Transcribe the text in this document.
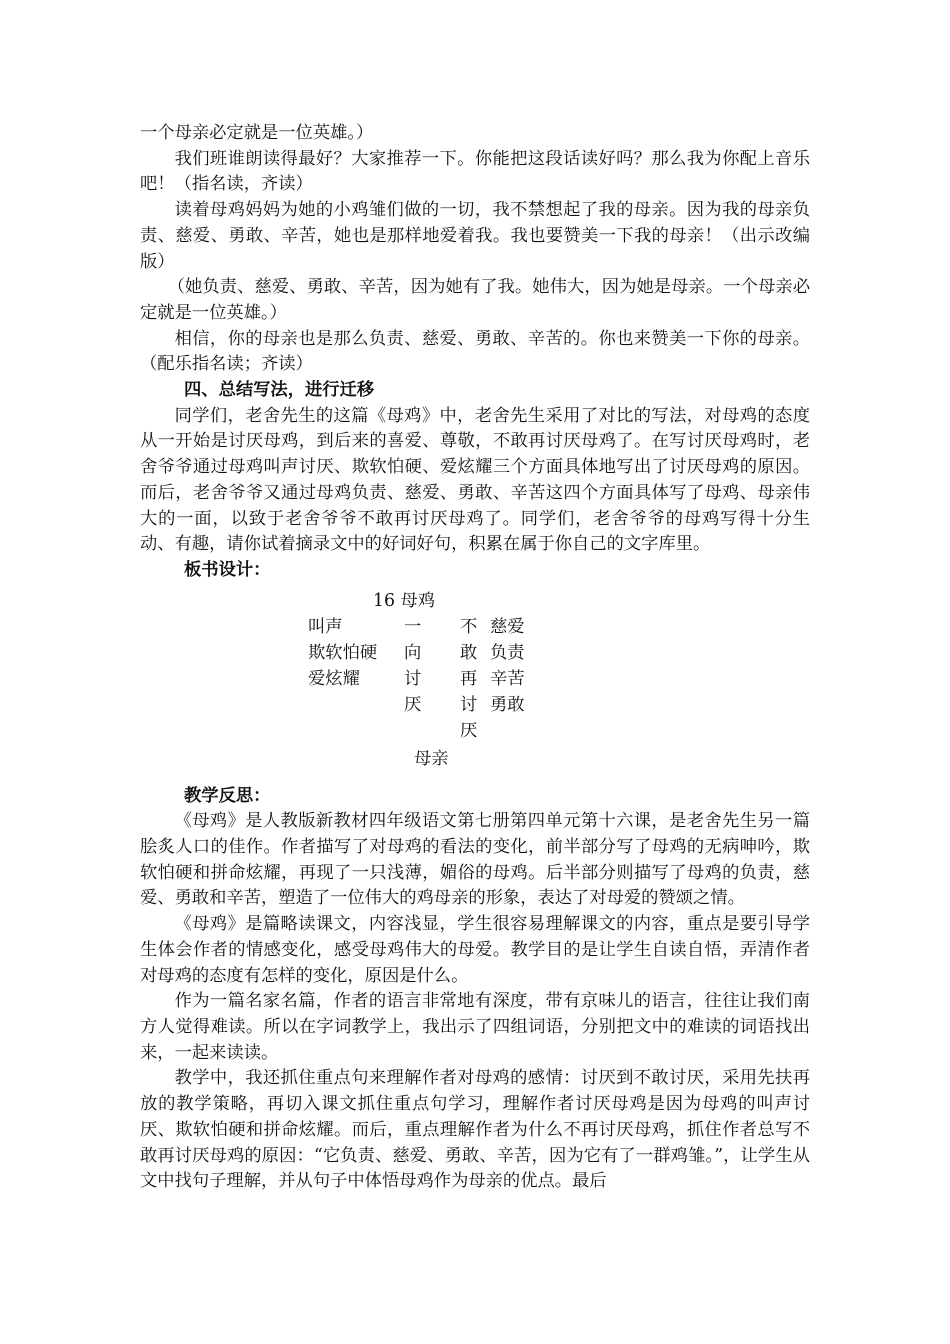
一个母亲必定就是一位英雄。）

我们班谁朗读得最好？大家推荐一下。你能把这段话读好吗？那么我为你配上音乐吧！（指名读，齐读）

读着母鸡妈妈为她的小鸡雏们做的一切，我不禁想起了我的母亲。因为我的母亲负责、慈爱、勇敢、辛苦，她也是那样地爱着我。我也要赞美一下我的母亲！（出示改编版）

（她负责、慈爱、勇敢、辛苦，因为她有了我。她伟大，因为她是母亲。一个母亲必定就是一位英雄。）

相信，你的母亲也是那么负责、慈爱、勇敢、辛苦的。你也来赞美一下你的母亲。（配乐指名读；齐读）

四、总结写法，进行迁移

同学们，老舍先生的这篇《母鸡》中，老舍先生采用了对比的写法，对母鸡的态度从一开始是讨厌母鸡，到后来的喜爱、尊敬，不敢再讨厌母鸡了。在写讨厌母鸡时，老舍爷爷通过母鸡叫声讨厌、欺软怕硬、爱炫耀三个方面具体地写出了讨厌母鸡的原因。而后，老舍爷爷又通过母鸡负责、慈爱、勇敢、辛苦这四个方面具体写了母鸡、母亲伟大的一面，以致于老舍爷爷不敢再讨厌母鸡了。同学们，老舍爷爷的母鸡写得十分生动、有趣，请你试着摘录文中的好词好句，积累在属于你自己的文字库里。

板书设计：

16 母鸡
叫声
欺软怕硬
爱炫耀
一
向
讨
厌
不
敢
再
讨
厌
慈爱
负责
辛苦
勇敢
母亲

教学反思：

《母鸡》是人教版新教材四年级语文第七册第四单元第十六课，是老舍先生另一篇脍炙人口的佳作。作者描写了对母鸡的看法的变化，前半部分写了母鸡的无病呻吟，欺软怕硬和拼命炫耀，再现了一只浅薄，媚俗的母鸡。后半部分则描写了母鸡的负责，慈爱、勇敢和辛苦，塑造了一位伟大的鸡母亲的形象，表达了对母爱的赞颂之情。

《母鸡》是篇略读课文，内容浅显，学生很容易理解课文的内容，重点是要引导学生体会作者的情感变化，感受母鸡伟大的母爱。教学目的是让学生自读自悟，弄清作者对母鸡的态度有怎样的变化，原因是什么。

作为一篇名家名篇，作者的语言非常地有深度，带有京味儿的语言，往往让我们南方人觉得难读。所以在字词教学上，我出示了四组词语，分别把文中的难读的词语找出来，一起来读读。

教学中，我还抓住重点句来理解作者对母鸡的感情：讨厌到不敢讨厌，采用先扶再放的教学策略，再切入课文抓住重点句学习，理解作者讨厌母鸡是因为母鸡的叫声讨厌、欺软怕硬和拼命炫耀。而后，重点理解作者为什么不再讨厌母鸡，抓住作者总写不敢再讨厌母鸡的原因：“它负责、慈爱、勇敢、辛苦，因为它有了一群鸡雏。”，让学生从文中找句子理解，并从句子中体悟母鸡作为母亲的优点。最后
